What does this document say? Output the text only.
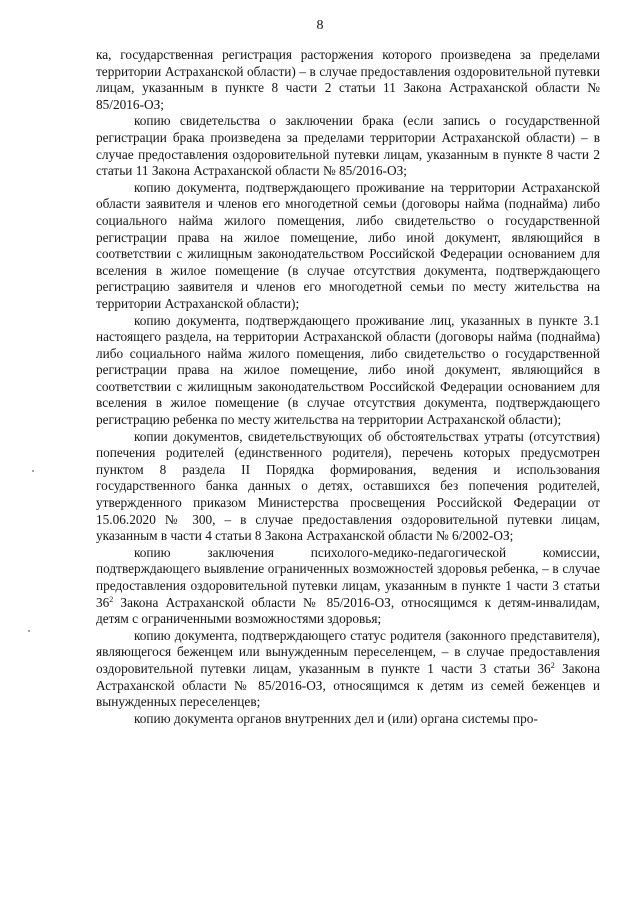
8

ка, государственная регистрация расторжения которого произведена за пределами территории Астраханской области) – в случае предоставления оздоровительной путевки лицам, указанным в пункте 8 части 2 статьи 11 Закона Астраханской области № 85/2016-ОЗ;

копию свидетельства о заключении брака (если запись о государственной регистрации брака произведена за пределами территории Астраханской области) – в случае предоставления оздоровительной путевки лицам, указанным в пункте 8 части 2 статьи 11 Закона Астраханской области № 85/2016-ОЗ;

копию документа, подтверждающего проживание на территории Астраханской области заявителя и членов его многодетной семьи (договоры найма (поднайма) либо социального найма жилого помещения, либо свидетельство о государственной регистрации права на жилое помещение, либо иной документ, являющийся в соответствии с жилищным законодательством Российской Федерации основанием для вселения в жилое помещение (в случае отсутствия документа, подтверждающего регистрацию заявителя и членов его многодетной семьи по месту жительства на территории Астраханской области);

копию документа, подтверждающего проживание лиц, указанных в пункте 3.1 настоящего раздела, на территории Астраханской области (договоры найма (поднайма) либо социального найма жилого помещения, либо свидетельство о государственной регистрации права на жилое помещение, либо иной документ, являющийся в соответствии с жилищным законодательством Российской Федерации основанием для вселения в жилое помещение (в случае отсутствия документа, подтверждающего регистрацию ребенка по месту жительства на территории Астраханской области);

копии документов, свидетельствующих об обстоятельствах утраты (отсутствия) попечения родителей (единственного родителя), перечень которых предусмотрен пунктом 8 раздела II Порядка формирования, ведения и использования государственного банка данных о детях, оставшихся без попечения родителей, утвержденного приказом Министерства просвещения Российской Федерации от 15.06.2020 № 300, – в случае предоставления оздоровительной путевки лицам, указанным в части 4 статьи 8 Закона Астраханской области № 6/2002-ОЗ;

копию заключения психолого-медико-педагогической комиссии, подтверждающего выявление ограниченных возможностей здоровья ребенка, – в случае предоставления оздоровительной путевки лицам, указанным в пункте 1 части 3 статьи $36^2$ Закона Астраханской области № 85/2016-ОЗ, относящимся к детям-инвалидам, детям с ограниченными возможностями здоровья;

копию документа, подтверждающего статус родителя (законного представителя), являющегося беженцем или вынужденным переселенцем, – в случае предоставления оздоровительной путевки лицам, указанным в пункте 1 части 3 статьи $36^2$ Закона Астраханской области № 85/2016-ОЗ, относящимся к детям из семей беженцев и вынужденных переселенцев;

копию документа органов внутренних дел и (или) органа системы про-
